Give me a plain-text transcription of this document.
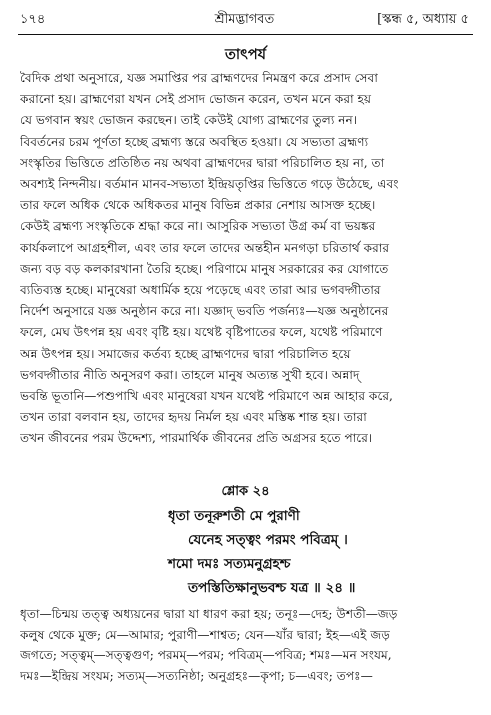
১৭৪	শ্রীমদ্ভাগবত	[স্কন্ধ ৫, অধ্যায় ৫
তাৎপর্য
বৈদিক প্রথা অনুসারে, যজ্ঞ সমাপ্তির পর ব্রাহ্মণদের নিমন্ত্রণ করে প্রসাদ সেবা
করানো হয়। ব্রাহ্মণেরা যখন সেই প্রসাদ ভোজন করেন, তখন মনে করা হয়
যে ভগবান স্বয়ং ভোজন করছেন। তাই কেউই যোগ্য ব্রাহ্মণের তুল্য নন।
বিবর্তনের চরম পূর্ণতা হচ্ছে ব্রহ্মণ্য স্তরে অবস্থিত হওয়া। যে সভ্যতা ব্রহ্মণ্য
সংস্কৃতির ভিত্তিতে প্রতিষ্ঠিত নয় অথবা ব্রাহ্মণদের দ্বারা পরিচালিত হয় না, তা
অবশ্যই নিন্দনীয়। বর্তমান মানব-সভ্যতা ইন্দ্রিয়তৃপ্তির ভিত্তিতে গড়ে উঠেছে, এবং
তার ফলে অধিক থেকে অধিকতর মানুষ বিভিন্ন প্রকার নেশায় আসক্ত হচ্ছে।
কেউই ব্রহ্মণ্য সংস্কৃতিকে শ্রদ্ধা করে না। আসুরিক সভ্যতা উগ্র কর্ম বা ভয়ঙ্কর
কার্যকলাপে আগ্রহশীল, এবং তার ফলে তাদের অন্তহীন মনগড়া চরিতার্থ করার
জন্য বড় বড় কলকারখানা তৈরি হচ্ছে। পরিণামে মানুষ সরকারের কর যোগাতে
ব্যতিব্যস্ত হচ্ছে। মানুষেরা অধার্মিক হয়ে পড়েছে এবং তারা আর ভগবদ্গীতার
নির্দেশ অনুসারে যজ্ঞ অনুষ্ঠান করে না। যজ্ঞাদ্ ভবতি পর্জন্যঃ—যজ্ঞ অনুষ্ঠানের
ফলে, মেঘ উৎপন্ন হয় এবং বৃষ্টি হয়। যথেষ্ট বৃষ্টিপাতের ফলে, যথেষ্ট পরিমাণে
অন্ন উৎপন্ন হয়। সমাজের কর্তব্য হচ্ছে ব্রাহ্মণদের দ্বারা পরিচালিত হয়ে
ভগবদ্গীতার নীতি অনুসরণ করা। তাহলে মানুষ অত্যন্ত সুখী হবে। অন্নাদ্
ভবন্তি ভূতানি—পশুপাখি এবং মানুষেরা যখন যথেষ্ট পরিমাণে অন্ন আহার করে,
তখন তারা বলবান হয়, তাদের হৃদয় নির্মল হয় এবং মস্তিষ্ক শান্ত হয়। তারা
তখন জীবনের পরম উদ্দেশ্য, পারমার্থিক জীবনের প্রতি অগ্রসর হতে পারে।
শ্লোক ২৪
ধৃতা তনূরুশতী মে পুরাণী
যেনেহ সত্ত্বং পরমং পবিত্রম্ ।
শমো দমঃ সত্যমনুগ্রহশ্চ
তপস্তিতিক্ষানুভবশ্চ যত্র ॥ ২৪ ॥
ধৃতা—চিন্ময় তত্ত্ব অধ্যয়নের দ্বারা যা ধারণ করা হয়; তনূঃ—দেহ; উশতী—জড়
কলুষ থেকে মুক্ত; মে—আমার; পুরাণী—শাশ্বত; যেন—যাঁর দ্বারা; ইহ—এই জড়
জগতে; সত্ত্বম্—সত্ত্বগুণ; পরমম্—পরম; পবিত্রম্—পবিত্র; শমঃ—মন সংযম,
দমঃ—ইন্দ্রিয় সংযম; সত্যম্—সত্যনিষ্ঠা; অনুগ্রহঃ—কৃপা; চ—এবং; তপঃ—
